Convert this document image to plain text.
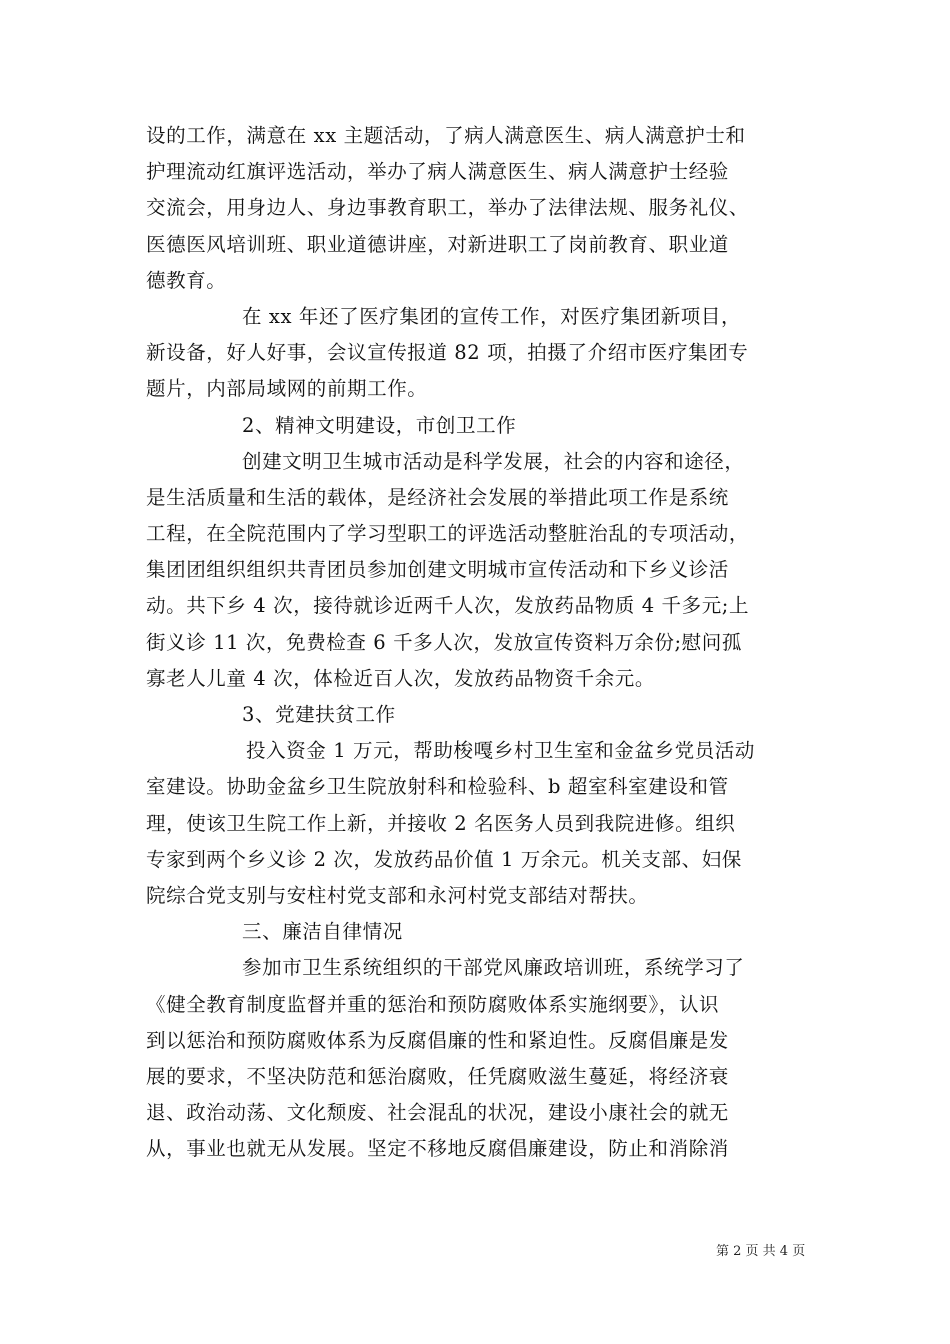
设的工作，满意在 xx 主题活动，了病人满意医生、病人满意护士和
护理流动红旗评选活动，举办了病人满意医生、病人满意护士经验
交流会，用身边人、身边事教育职工，举办了法律法规、服务礼仪、
医德医风培训班、职业道德讲座，对新进职工了岗前教育、职业道
德教育。
在 xx 年还了医疗集团的宣传工作，对医疗集团新项目，
新设备，好人好事，会议宣传报道 82 项，拍摄了介绍市医疗集团专
题片，内部局域网的前期工作。
2、精神文明建设，市创卫工作
创建文明卫生城市活动是科学发展，社会的内容和途径，
是生活质量和生活的载体，是经济社会发展的举措此项工作是系统
工程，在全院范围内了学习型职工的评选活动整脏治乱的专项活动，
集团团组织组织共青团员参加创建文明城市宣传活动和下乡义诊活
动。共下乡 4 次，接待就诊近两千人次，发放药品物质 4 千多元;上
街义诊 11 次，免费检查 6 千多人次，发放宣传资料万余份;慰问孤
寡老人儿童 4 次，体检近百人次，发放药品物资千余元。
3、党建扶贫工作
投入资金 1 万元，帮助梭嘎乡村卫生室和金盆乡党员活动
室建设。协助金盆乡卫生院放射科和检验科、b 超室科室建设和管
理，使该卫生院工作上新，并接收 2 名医务人员到我院进修。组织
专家到两个乡义诊 2 次，发放药品价值 1 万余元。机关支部、妇保
院综合党支别与安柱村党支部和永河村党支部结对帮扶。
三、廉洁自律情况
参加市卫生系统组织的干部党风廉政培训班，系统学习了
《健全教育制度监督并重的惩治和预防腐败体系实施纲要》，认识
到以惩治和预防腐败体系为反腐倡廉的性和紧迫性。反腐倡廉是发
展的要求，不坚决防范和惩治腐败，任凭腐败滋生蔓延，将经济衰
退、政治动荡、文化颓废、社会混乱的状况，建设小康社会的就无
从，事业也就无从发展。坚定不移地反腐倡廉建设，防止和消除消
第 2 页 共 4 页
